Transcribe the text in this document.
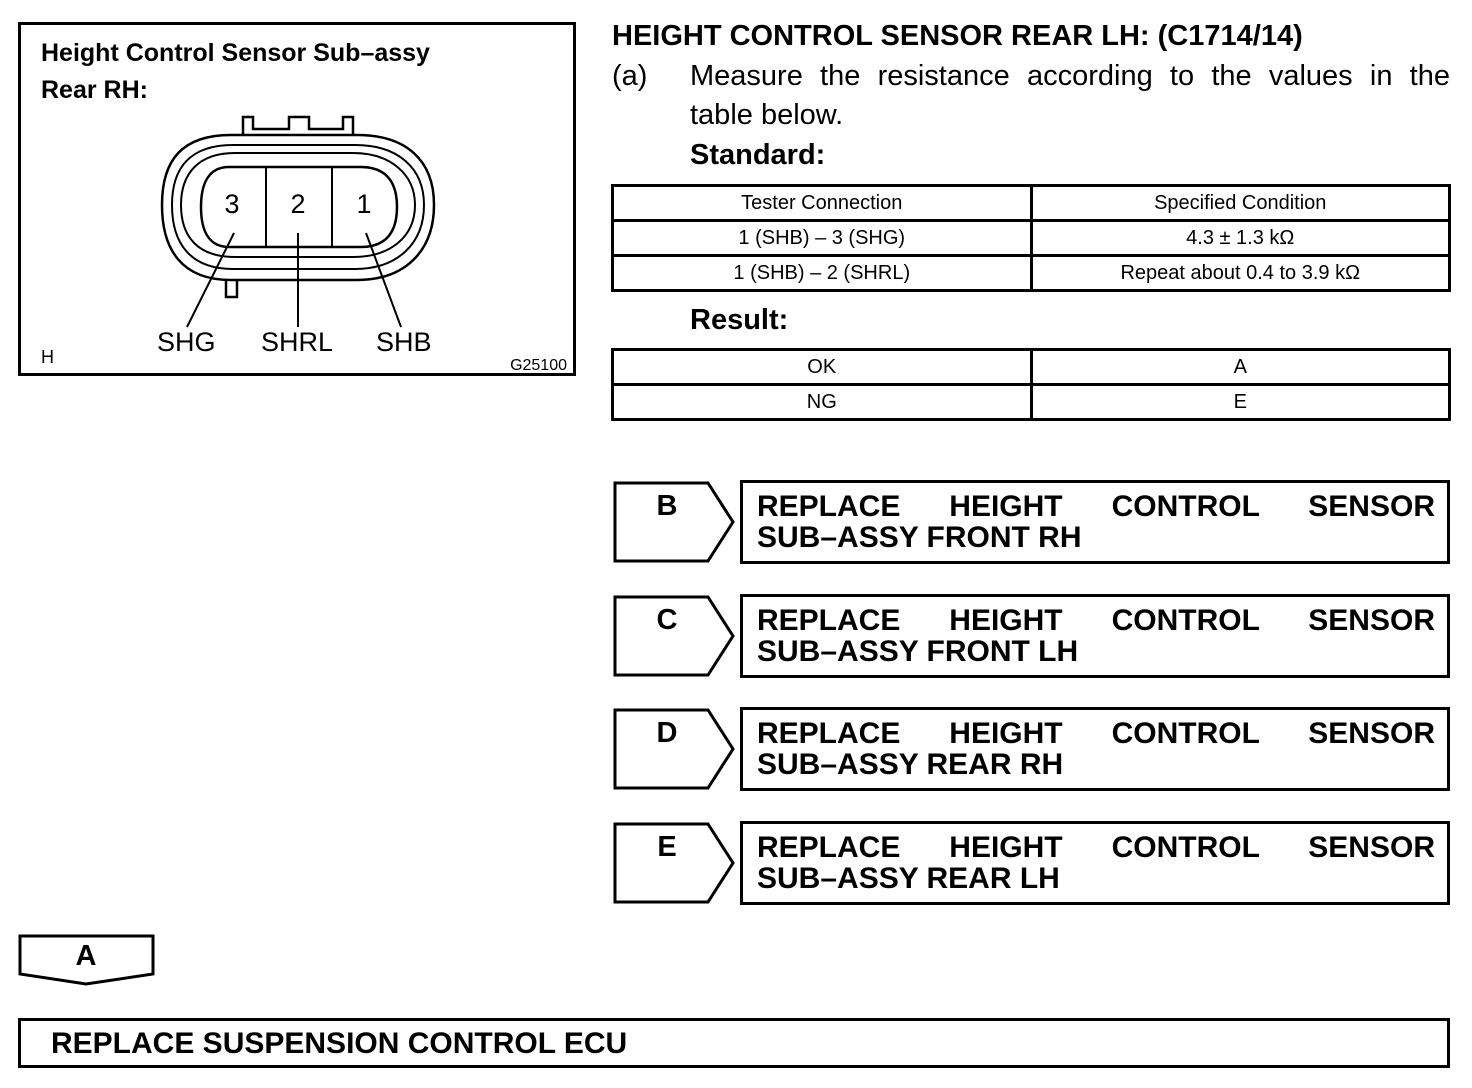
Height Control Sensor Sub–assy
Rear RH:
3 2 1
SHG SHRL SHB
H	G25100
HEIGHT CONTROL SENSOR REAR LH: (C1714/14)
(a) Measure the resistance according to the values in the
table below.
Standard:
Tester Connection	Specified Condition
1 (SHB) – 3 (SHG)	4.3 ± 1.3 kΩ
1 (SHB) – 2 (SHRL)	Repeat about 0.4 to 3.9 kΩ
Result:
OK	A
NG	E
B	REPLACE HEIGHT CONTROL SENSOR
SUB–ASSY FRONT RH
C	REPLACE HEIGHT CONTROL SENSOR
SUB–ASSY FRONT LH
D	REPLACE HEIGHT CONTROL SENSOR
SUB–ASSY REAR RH
E	REPLACE HEIGHT CONTROL SENSOR
SUB–ASSY REAR LH
A
REPLACE SUSPENSION CONTROL ECU
